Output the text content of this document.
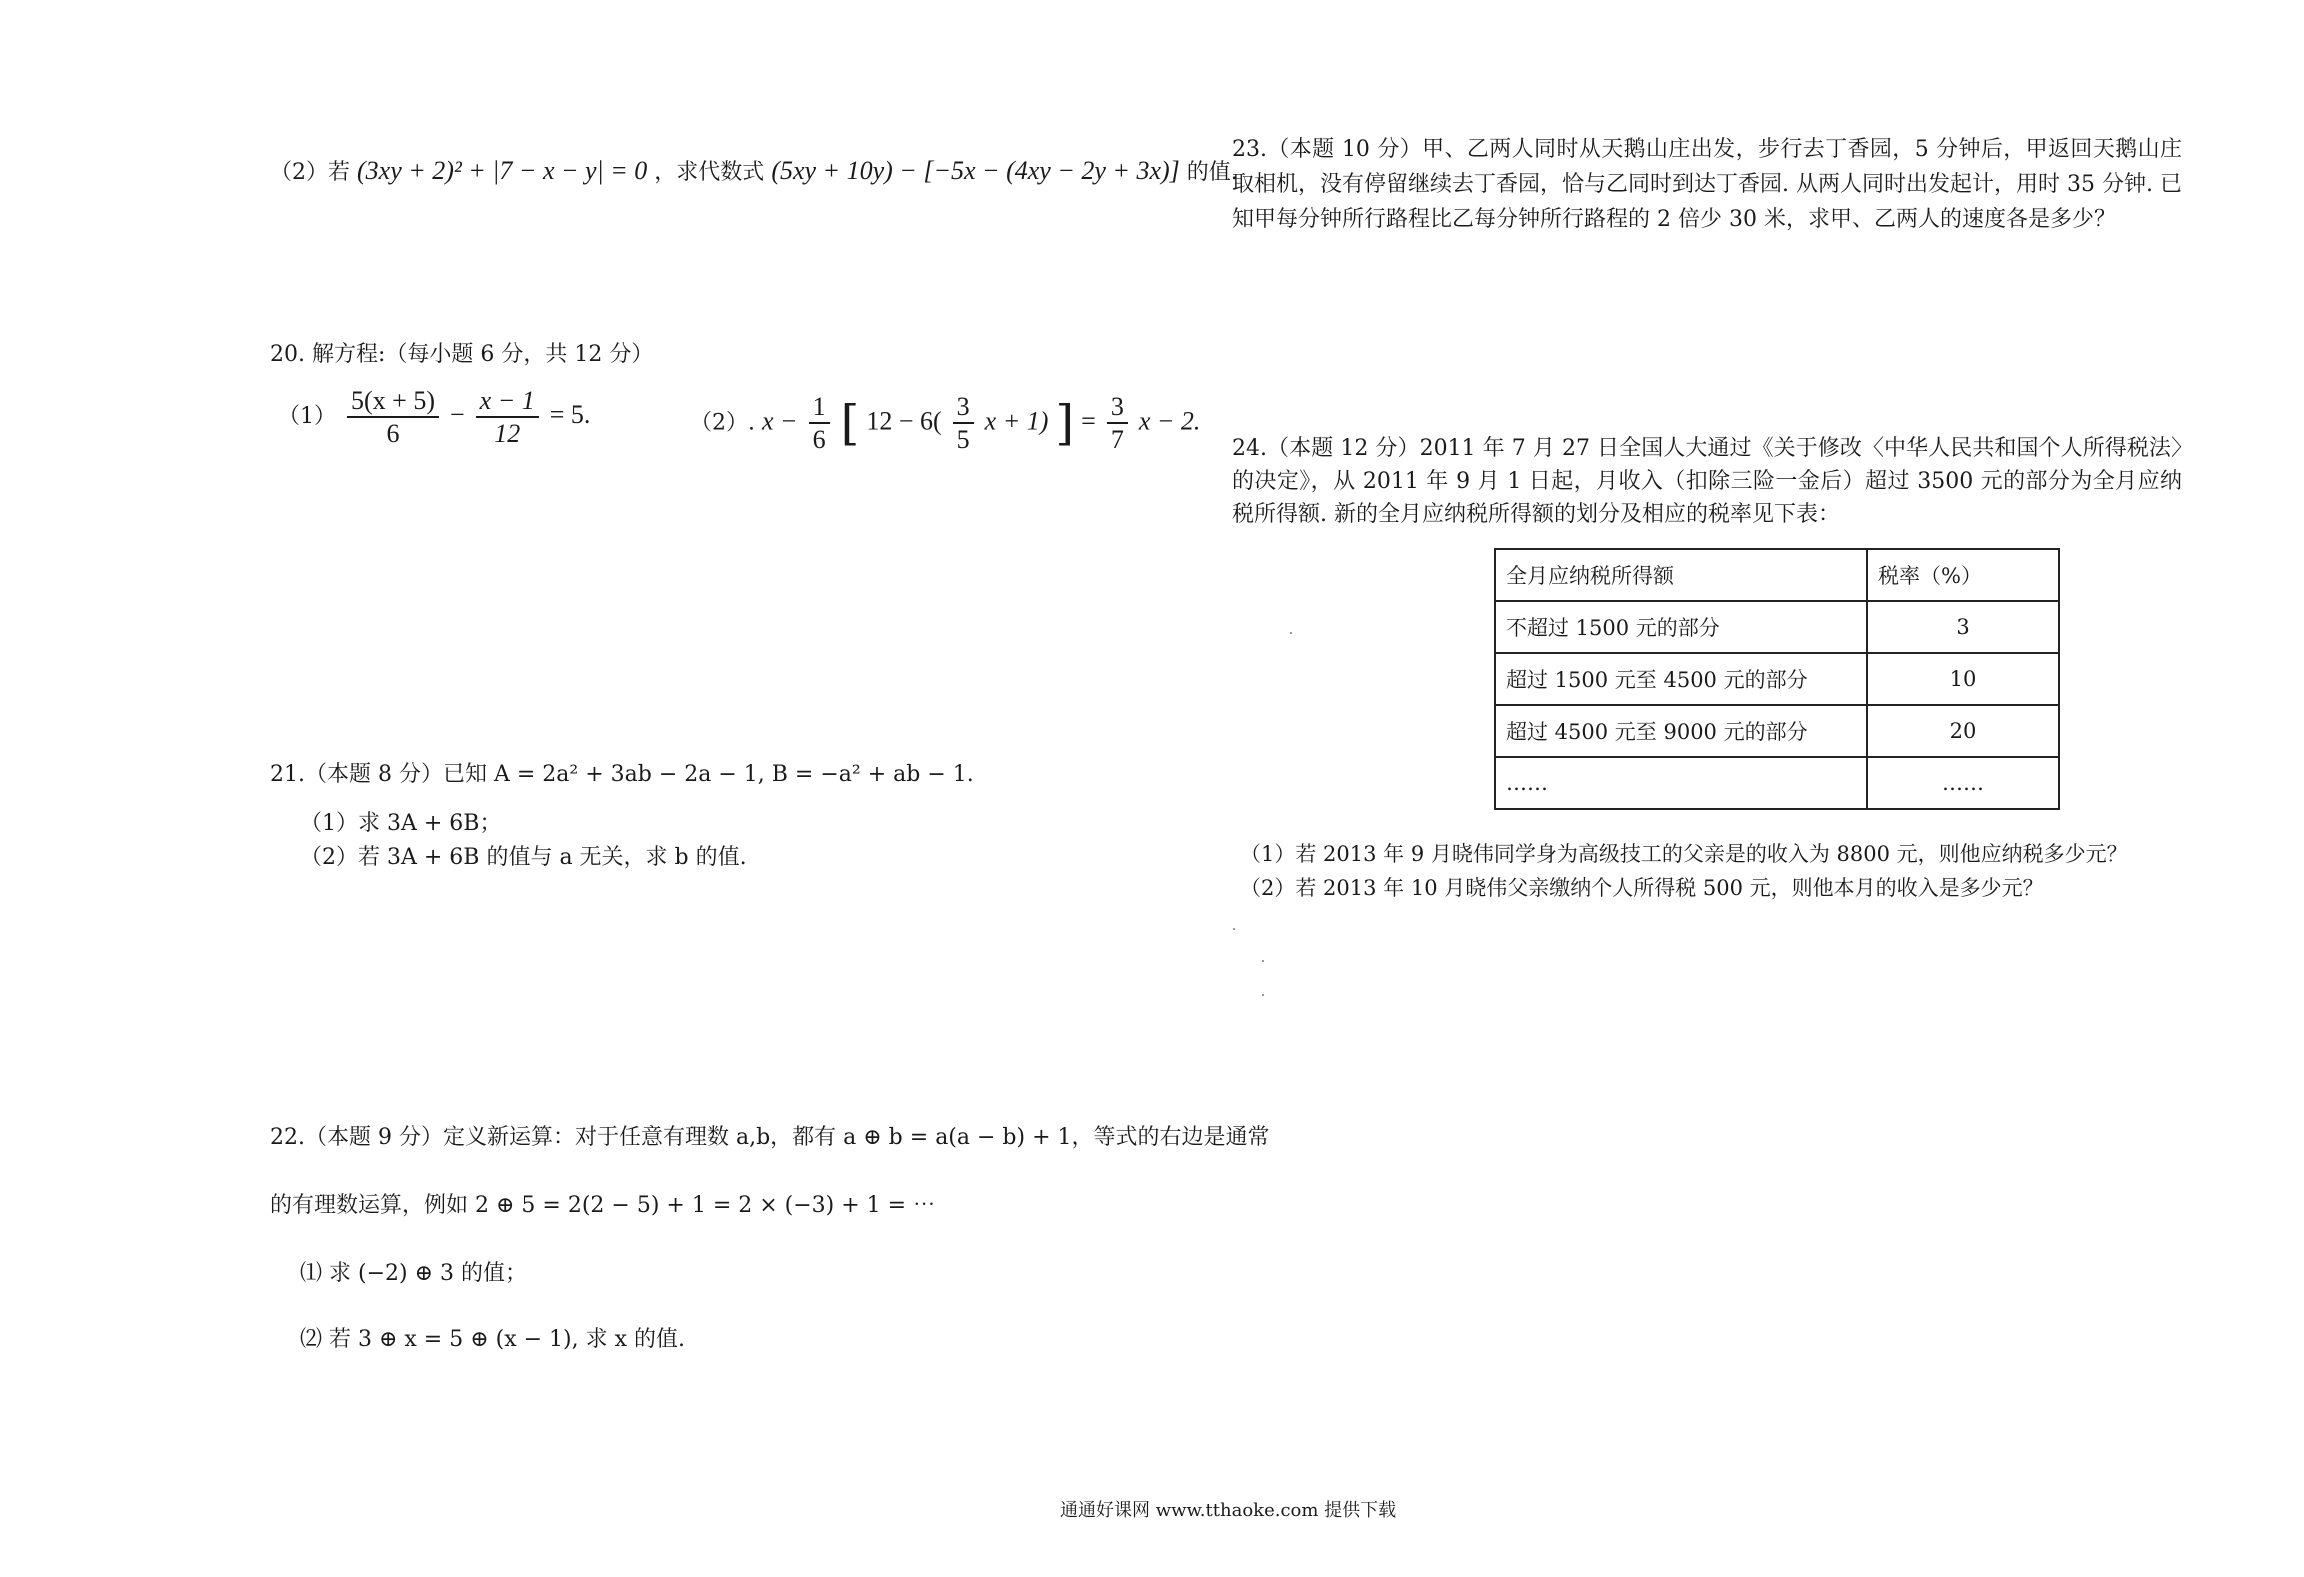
（2）若 (3xy + 2)² + |7 − x − y| = 0 ，求代数式 (5xy + 10y) − [−5x − (4xy − 2y + 3x)] 的值.
20. 解方程:（每小题 6 分，共 12 分）
$(1) \frac{5(x + 5)}{6} - \frac{x - 1}{12} = 5$.	（2）. $x - \frac{1}{6}$ [ $12 - 6( \frac{3}{5}$ x + 1) ] = $\frac{3}{7}$ x − 2.
21.（本题 8 分）已知 A = 2a² + 3ab − 2a − 1, B = −a² + ab − 1.
（1）求 3A + 6B；
（2）若 3A + 6B 的值与 a 无关，求 b 的值.
22.（本题 9 分）定义新运算：对于任意有理数 a,b，都有 a ⊕ b = a(a − b) + 1，等式的右边是通常
的有理数运算，例如 2 ⊕ 5 = 2(2 − 5) + 1 = 2 × (−3) + 1 = ⋯
⑴ 求 (−2) ⊕ 3 的值；
⑵ 若 3 ⊕ x = 5 ⊕ (x − 1), 求 x 的值.
23.（本题 10 分）甲、乙两人同时从天鹅山庄出发，步行去丁香园，5 分钟后，甲返回天鹅山庄取相机，没有停留继续去丁香园，恰与乙同时到达丁香园. 从两人同时出发起计，用时 35 分钟. 已知甲每分钟所行路程比乙每分钟所行路程的 2 倍少 30 米，求甲、乙两人的速度各是多少？
24.（本题 12 分）2011 年 7 月 27 日全国人大通过《关于修改〈中华人民共和国个人所得税法〉的决定》，从 2011 年 9 月 1 日起，月收入（扣除三险一金后）超过 3500 元的部分为全月应纳税所得额. 新的全月应纳税所得额的划分及相应的税率见下表：
全月应纳税所得额	税率（%）
不超过 1500 元的部分	3
超过 1500 元至 4500 元的部分	10
超过 4500 元至 9000 元的部分	20
……	……
（1）若 2013 年 9 月晓伟同学身为高级技工的父亲是的收入为 8800 元，则他应纳税多少元？
（2）若 2013 年 10 月晓伟父亲缴纳个人所得税 500 元，则他本月的收入是多少元？
通通好课网 www.tthaoke.com 提供下载
